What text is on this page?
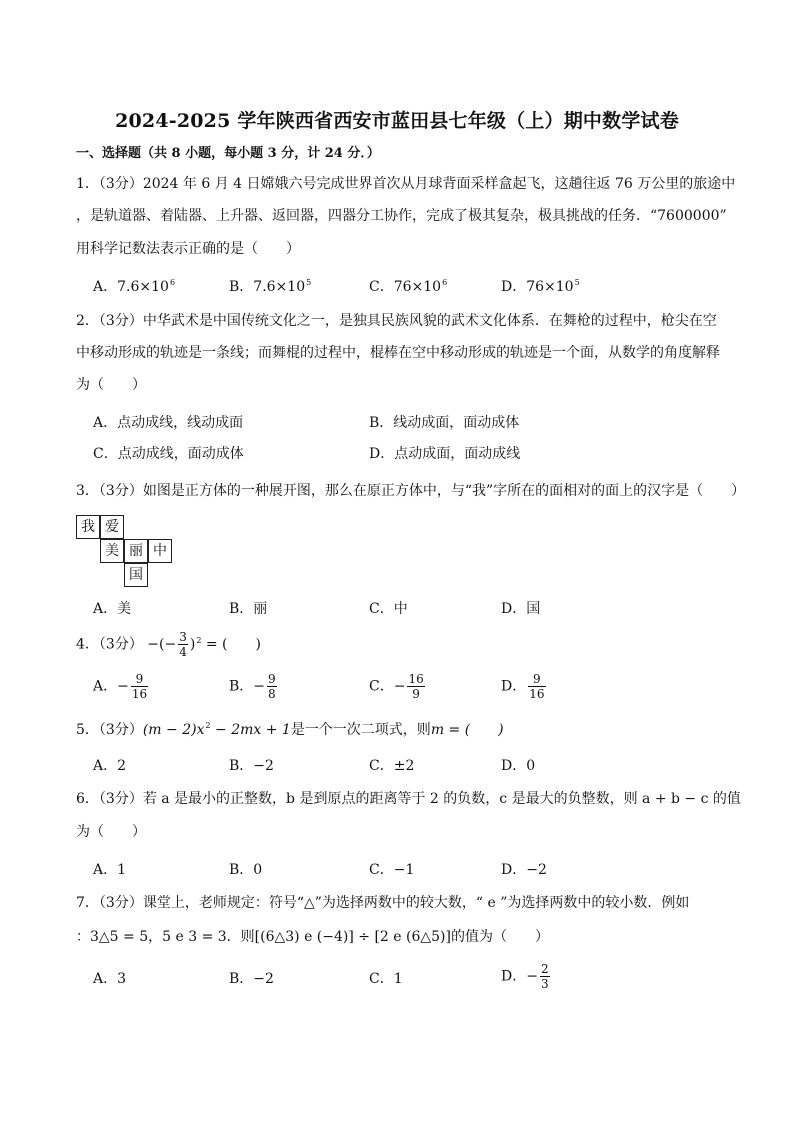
2024-2025 学年陕西省西安市蓝田县七年级（上）期中数学试卷
一、选择题（共 8 小题，每小题 3 分，计 24 分．）
1．（3分）2024 年 6 月 4 日嫦娥六号完成世界首次从月球背面采样盒起飞，这趟往返 76 万公里的旅途中
，是轨道器、着陆器、上升器、返回器，四器分工协作，完成了极其复杂，极具挑战的任务．“7600000”
用科学记数法表示正确的是（　　）
A．$7.6\times 10^6$	B．$7.6\times 10^5$	C．$76\times 10^6$	D．$76\times 10^5$
2．（3分）中华武术是中国传统文化之一，是独具民族风貌的武术文化体系．在舞枪的过程中，枪尖在空
中移动形成的轨迹是一条线；而舞棍的过程中，棍棒在空中移动形成的轨迹是一个面，从数学的角度解释
为（　　）
A．点动成线，线动成面	B．线动成面，面动成体
C．点动成线，面动成体	D．点动成面，面动成线
3．（3分）如图是正方体的一种展开图，那么在原正方体中，与“我”字所在的面相对的面上的汉字是（　　）
我 爱
美 丽 中
国
A．美	B．丽	C．中	D．国
4．（3分） −(− $\frac{3}{4} )^2$ = (　　)
A．− $\frac{9}{16}$	B．− $\frac{9}{8}$	C．− $\frac{16}{9}$	D． $\frac{9}{16}$
5．（3分）$(m - 2)x^2 - 2mx + 1$是一个一次二项式，则m = (　　)
A．2	B．−2	C．±2	D．0
6．（3分）若 a 是最小的正整数，b 是到原点的距离等于 2 的负数，c 是最大的负整数，则 a + b − c 的值
为（　　）
A．1	B．0	C．−1	D．−2
7．（3分）课堂上，老师规定：符号“△”为选择两数中的较大数，“ e ”为选择两数中的较小数．例如
：3△5 = 5，5 e 3 = 3．则[(6△3) e (−4)] ÷ [2 e (6△5)]的值为（　　）
A．3	B．−2	C．1	D．− $\frac{2}{3}$
